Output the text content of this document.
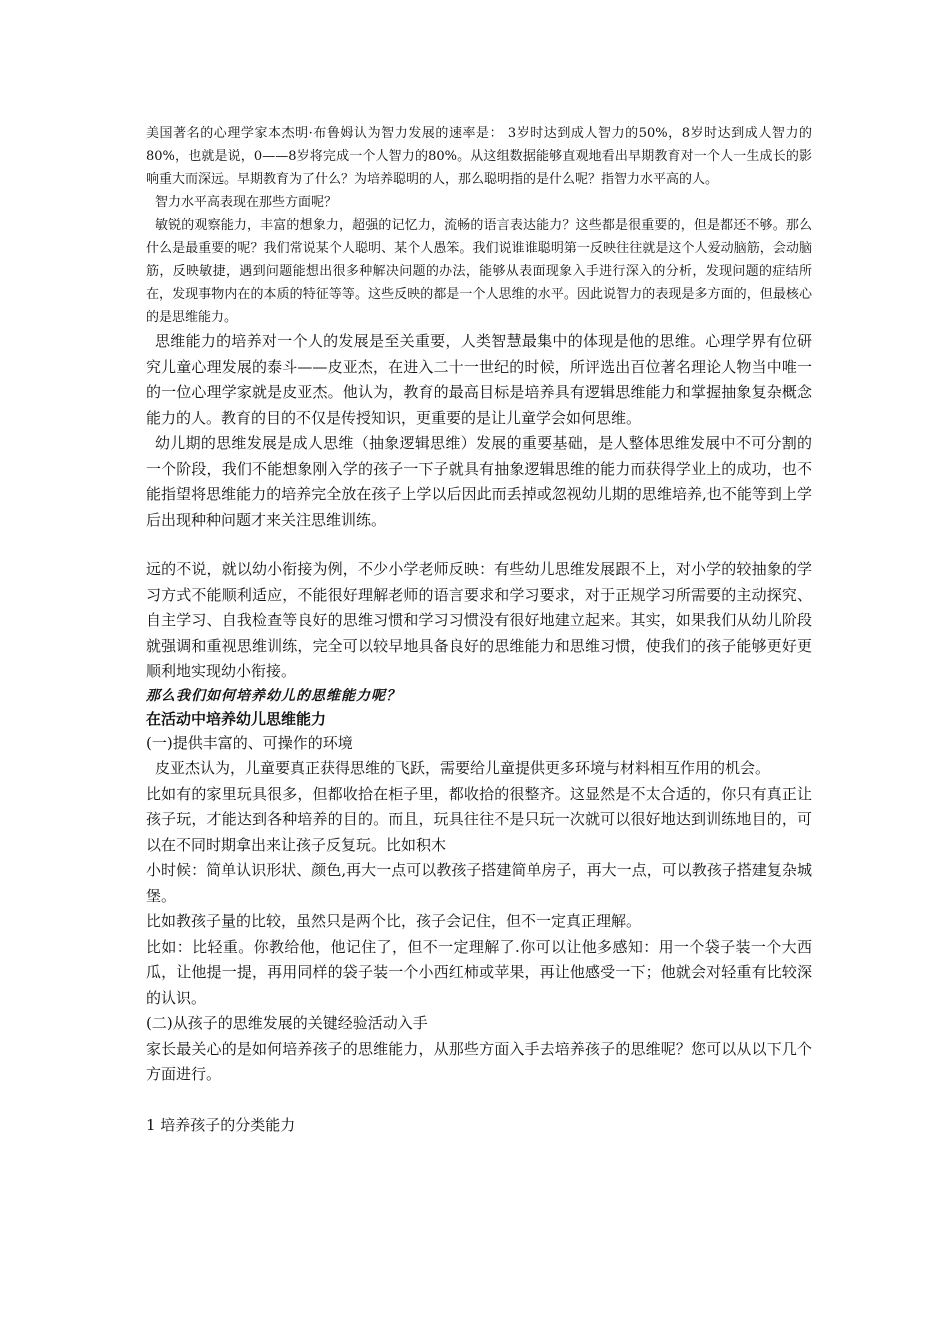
美国著名的心理学家本杰明·布鲁姆认为智力发展的速率是： 3岁时达到成人智力的50%，8岁时达到成人智力的80%，也就是说，0——8岁将完成一个人智力的80%。从这组数据能够直观地看出早期教育对一个人一生成长的影响重大而深远。早期教育为了什么？为培养聪明的人，那么聪明指的是什么呢？指智力水平高的人。

智力水平高表现在那些方面呢？

敏锐的观察能力，丰富的想象力，超强的记忆力，流畅的语言表达能力？这些都是很重要的，但是都还不够。那么什么是最重要的呢？我们常说某个人聪明、某个人愚笨。我们说谁谁聪明第一反映往往就是这个人爱动脑筋，会动脑筋，反映敏捷，遇到问题能想出很多种解决问题的办法，能够从表面现象入手进行深入的分析，发现问题的症结所在，发现事物内在的本质的特征等等。这些反映的都是一个人思维的水平。因此说智力的表现是多方面的，但最核心的是思维能力。

思维能力的培养对一个人的发展是至关重要，人类智慧最集中的体现是他的思维。心理学界有位研究儿童心理发展的泰斗——皮亚杰，在进入二十一世纪的时候，所评选出百位著名理论人物当中唯一的一位心理学家就是皮亚杰。他认为，教育的最高目标是培养具有逻辑思维能力和掌握抽象复杂概念能力的人。教育的目的不仅是传授知识，更重要的是让儿童学会如何思维。

幼儿期的思维发展是成人思维（抽象逻辑思维）发展的重要基础，是人整体思维发展中不可分割的一个阶段，我们不能想象刚入学的孩子一下子就具有抽象逻辑思维的能力而获得学业上的成功，也不能指望将思维能力的培养完全放在孩子上学以后因此而丢掉或忽视幼儿期的思维培养,也不能等到上学后出现种种问题才来关注思维训练。

远的不说，就以幼小衔接为例，不少小学老师反映：有些幼儿思维发展跟不上，对小学的较抽象的学习方式不能顺利适应，不能很好理解老师的语言要求和学习要求，对于正规学习所需要的主动探究、自主学习、自我检查等良好的思维习惯和学习习惯没有很好地建立起来。其实，如果我们从幼儿阶段就强调和重视思维训练，完全可以较早地具备良好的思维能力和思维习惯，使我们的孩子能够更好更顺利地实现幼小衔接。

那么我们如何培养幼儿的思维能力呢？

在活动中培养幼儿思维能力

(一)提供丰富的、可操作的环境

皮亚杰认为，儿童要真正获得思维的飞跃，需要给儿童提供更多环境与材料相互作用的机会。

比如有的家里玩具很多，但都收拾在柜子里，都收拾的很整齐。这显然是不太合适的，你只有真正让孩子玩，才能达到各种培养的目的。而且，玩具往往不是只玩一次就可以很好地达到训练地目的，可以在不同时期拿出来让孩子反复玩。比如积木

小时候：简单认识形状、颜色,再大一点可以教孩子搭建简单房子，再大一点，可以教孩子搭建复杂城堡。

比如教孩子量的比较，虽然只是两个比，孩子会记住，但不一定真正理解。

比如：比轻重。你教给他，他记住了，但不一定理解了.你可以让他多感知：用一个袋子装一个大西瓜，让他提一提，再用同样的袋子装一个小西红柿或苹果，再让他感受一下；他就会对轻重有比较深的认识。

(二)从孩子的思维发展的关键经验活动入手

家长最关心的是如何培养孩子的思维能力，从那些方面入手去培养孩子的思维呢？您可以从以下几个方面进行。

1 培养孩子的分类能力
